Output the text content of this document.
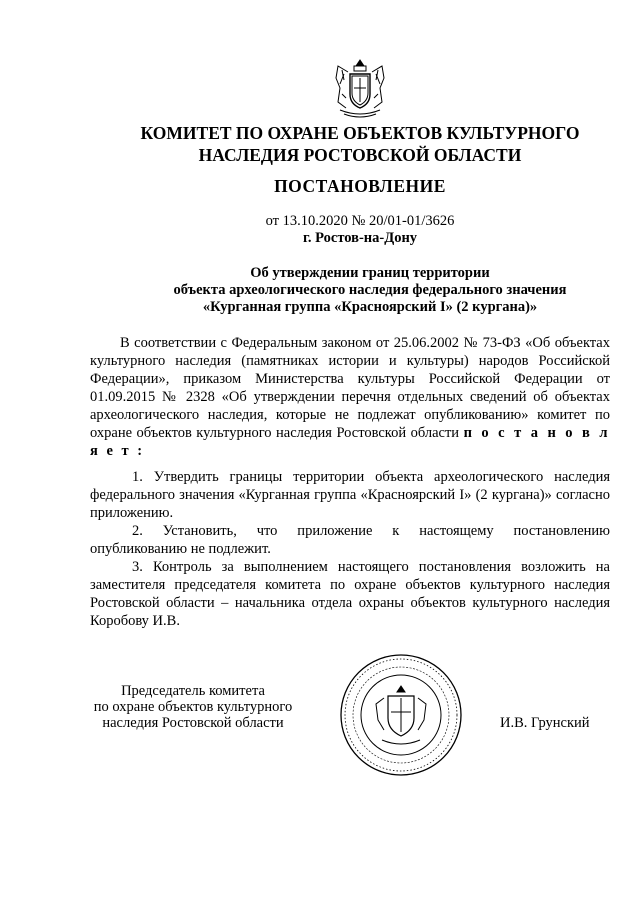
КОМИТЕТ ПО ОХРАНЕ ОБЪЕКТОВ КУЛЬТУРНОГО
НАСЛЕДИЯ РОСТОВСКОЙ ОБЛАСТИ
ПОСТАНОВЛЕНИЕ
от 13.10.2020 № 20/01-01/3626
г. Ростов-на-Дону
Об утверждении границ территории
объекта археологического наследия федерального значения
«Курганная группа «Красноярский I» (2 кургана)»
В соответствии с Федеральным законом от 25.06.2002 № 73-ФЗ «Об объектах культурного наследия (памятниках истории и культуры) народов Российской Федерации», приказом Министерства культуры Российской Федерации от 01.09.2015 № 2328 «Об утверждении перечня отдельных сведений об объектах археологического наследия, которые не подлежат опубликованию» комитет по охране объектов культурного наследия Ростовской области п о с т а н о в л я е т :

1. Утвердить границы территории объекта археологического наследия федерального значения «Курганная группа «Красноярский I» (2 кургана)» согласно приложению.

2. Установить, что приложение к настоящему постановлению опубликованию не подлежит.

3. Контроль за выполнением настоящего постановления возложить на заместителя председателя комитета по охране объектов культурного наследия Ростовской области – начальника отдела охраны объектов культурного наследия Коробову И.В.

Председатель комитета
по охране объектов культурного
наследия Ростовской области	И.В. Грунский
